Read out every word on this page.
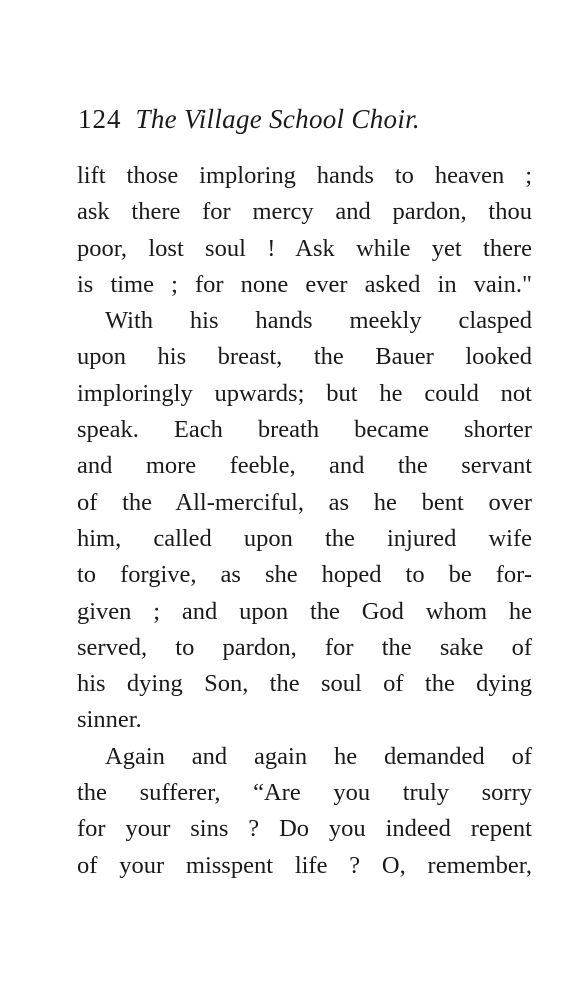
124 The Village School Choir.
lift those imploring hands to heaven ;
ask there for mercy and pardon, thou
poor, lost soul ! Ask while yet there
is time ; for none ever asked in vain."
With his hands meekly clasped
upon his breast, the Bauer looked
imploringly upwards; but he could not
speak. Each breath became shorter
and more feeble, and the servant
of the All-merciful, as he bent over
him, called upon the injured wife
to forgive, as she hoped to be for-
given ; and upon the God whom he
served, to pardon, for the sake of
his dying Son, the soul of the dying
sinner.
Again and again he demanded of
the sufferer, “Are you truly sorry
for your sins ? Do you indeed repent
of your misspent life ? O, remember,
